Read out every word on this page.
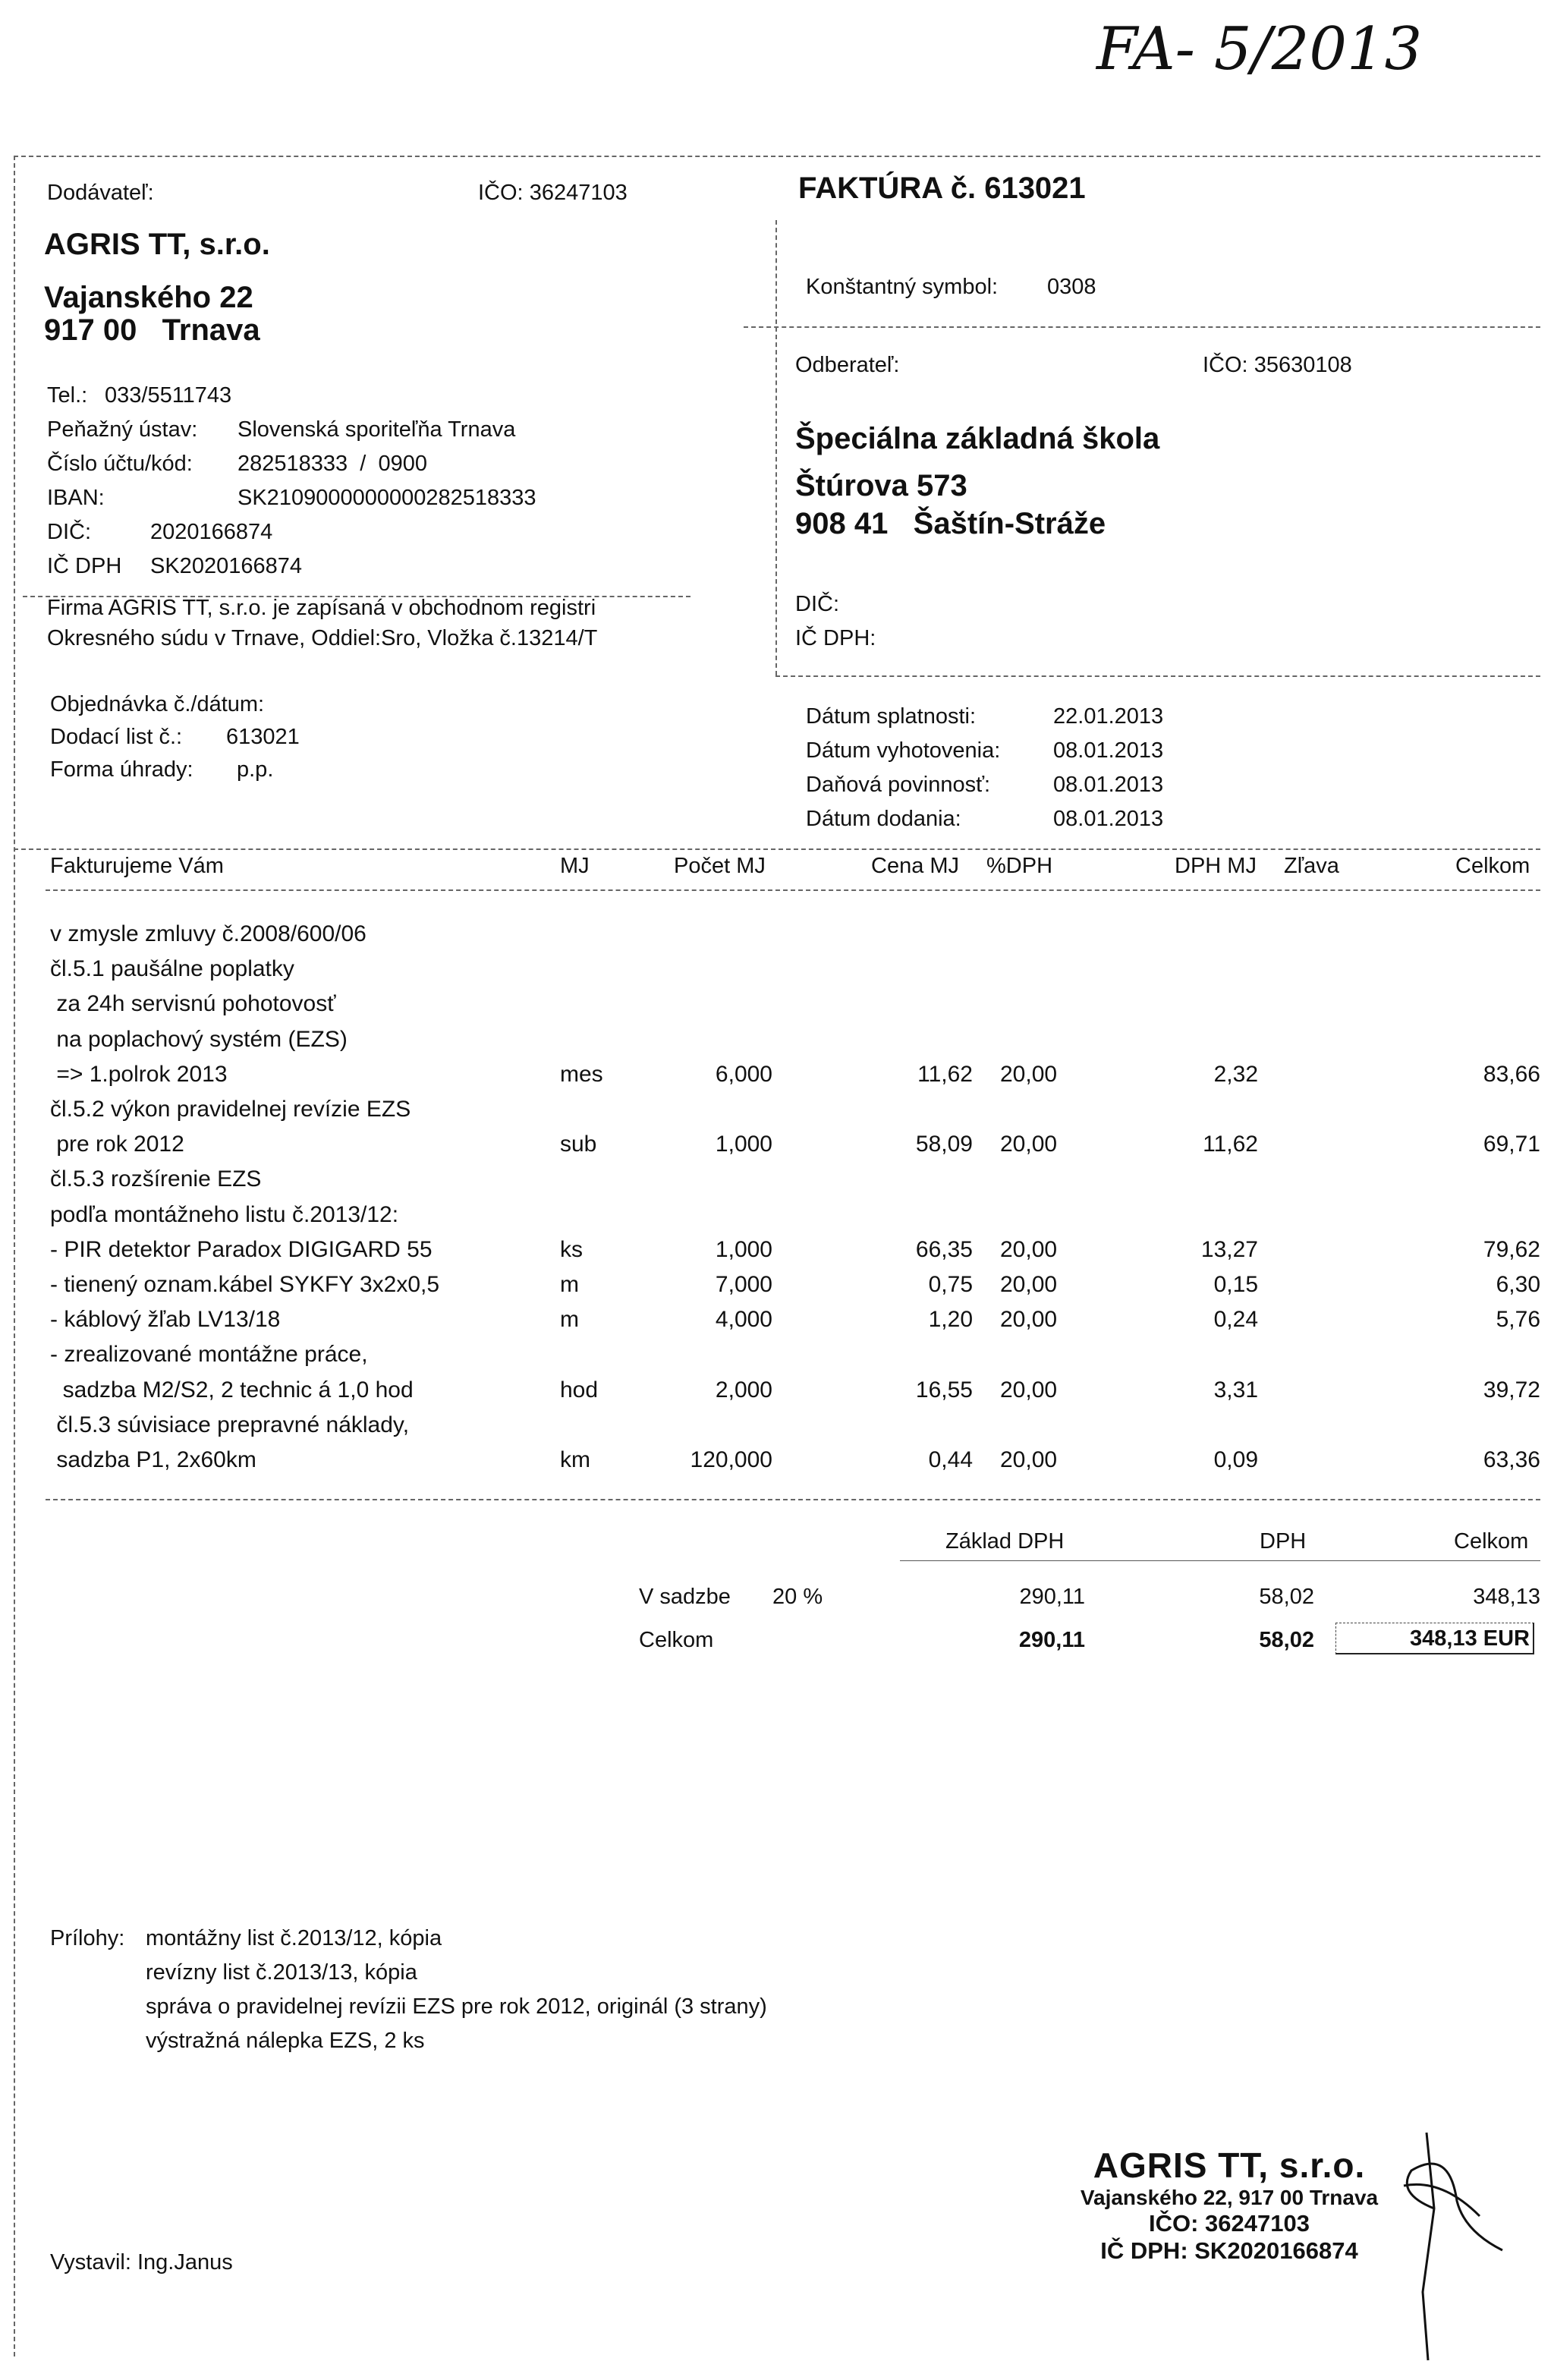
FA- 5/2013
Dodávateľ:	IČO: 36247103
AGRIS TT, s.r.o.
Vajanského 22
917 00   Trnava
Tel.: 033/5511743
Peňažný ústav: Slovenská sporiteľňa Trnava
Číslo účtu/kód: 282518333  /  0900
IBAN:	SK2109000000000282518333
DIČ:	2020166874
IČ DPH SK2020166874
Firma AGRIS TT, s.r.o. je zapísaná v obchodnom registri
Okresného súdu v Trnave, Oddiel:Sro, Vložka č.13214/T
FAKTÚRA č. 613021
Konštantný symbol: 0308
Odberateľ:	IČO: 35630108
Špeciálna základná škola
Štúrova 573
908 41   Šaštín-Stráže
DIČ:
IČ DPH:
Objednávka č./dátum:
Dodací list č.: 613021
Forma úhrady: p.p.
Dátum splatnosti:	22.01.2013
Dátum vyhotovenia: 08.01.2013
Daňová povinnosť:	08.01.2013
Dátum dodania:	08.01.2013
Fakturujeme Vám	MJ	Počet MJ	Cena MJ %DPH	DPH MJ Zľava	Celkom
v zmysle zmluvy č.2008/600/06
čl.5.1 paušálne poplatky
za 24h servisnú pohotovosť
na poplachový systém (EZS)
=> 1.polrok 2013	mes	6,000	11,62 20,00	2,32	83,66
čl.5.2 výkon pravidelnej revízie EZS
pre rok 2012	sub	1,000	58,09 20,00	11,62	69,71
čl.5.3 rozšírenie EZS
podľa montážneho listu č.2013/12:
- PIR detektor Paradox DIGIGARD 55	ks	1,000	66,35 20,00	13,27	79,62
- tienený oznam.kábel SYKFY 3x2x0,5	m	7,000	0,75 20,00	0,15	6,30
- káblový žľab LV13/18	m	4,000	1,20 20,00	0,24	5,76
- zrealizované montážne práce,
sadzba M2/S2, 2 technic á 1,0 hod	hod	2,000	16,55 20,00	3,31	39,72
čl.5.3 súvisiace prepravné náklady,
sadzba P1, 2x60km	km	120,000	0,44 20,00	0,09	63,36
Základ DPH	DPH	Celkom
V sadzbe 20 %	290,11	58,02	348,13
Celkom	290,11	58,02	348,13 EUR
Prílohy: montážny list č.2013/12, kópia
revízny list č.2013/13, kópia
správa o pravidelnej revízii EZS pre rok 2012, originál (3 strany)
výstražná nálepka EZS, 2 ks
Vystavil: Ing.Janus
AGRIS TT, s.r.o.
Vajanského 22, 917 00 Trnava
IČO: 36247103
IČ DPH: SK2020166874
